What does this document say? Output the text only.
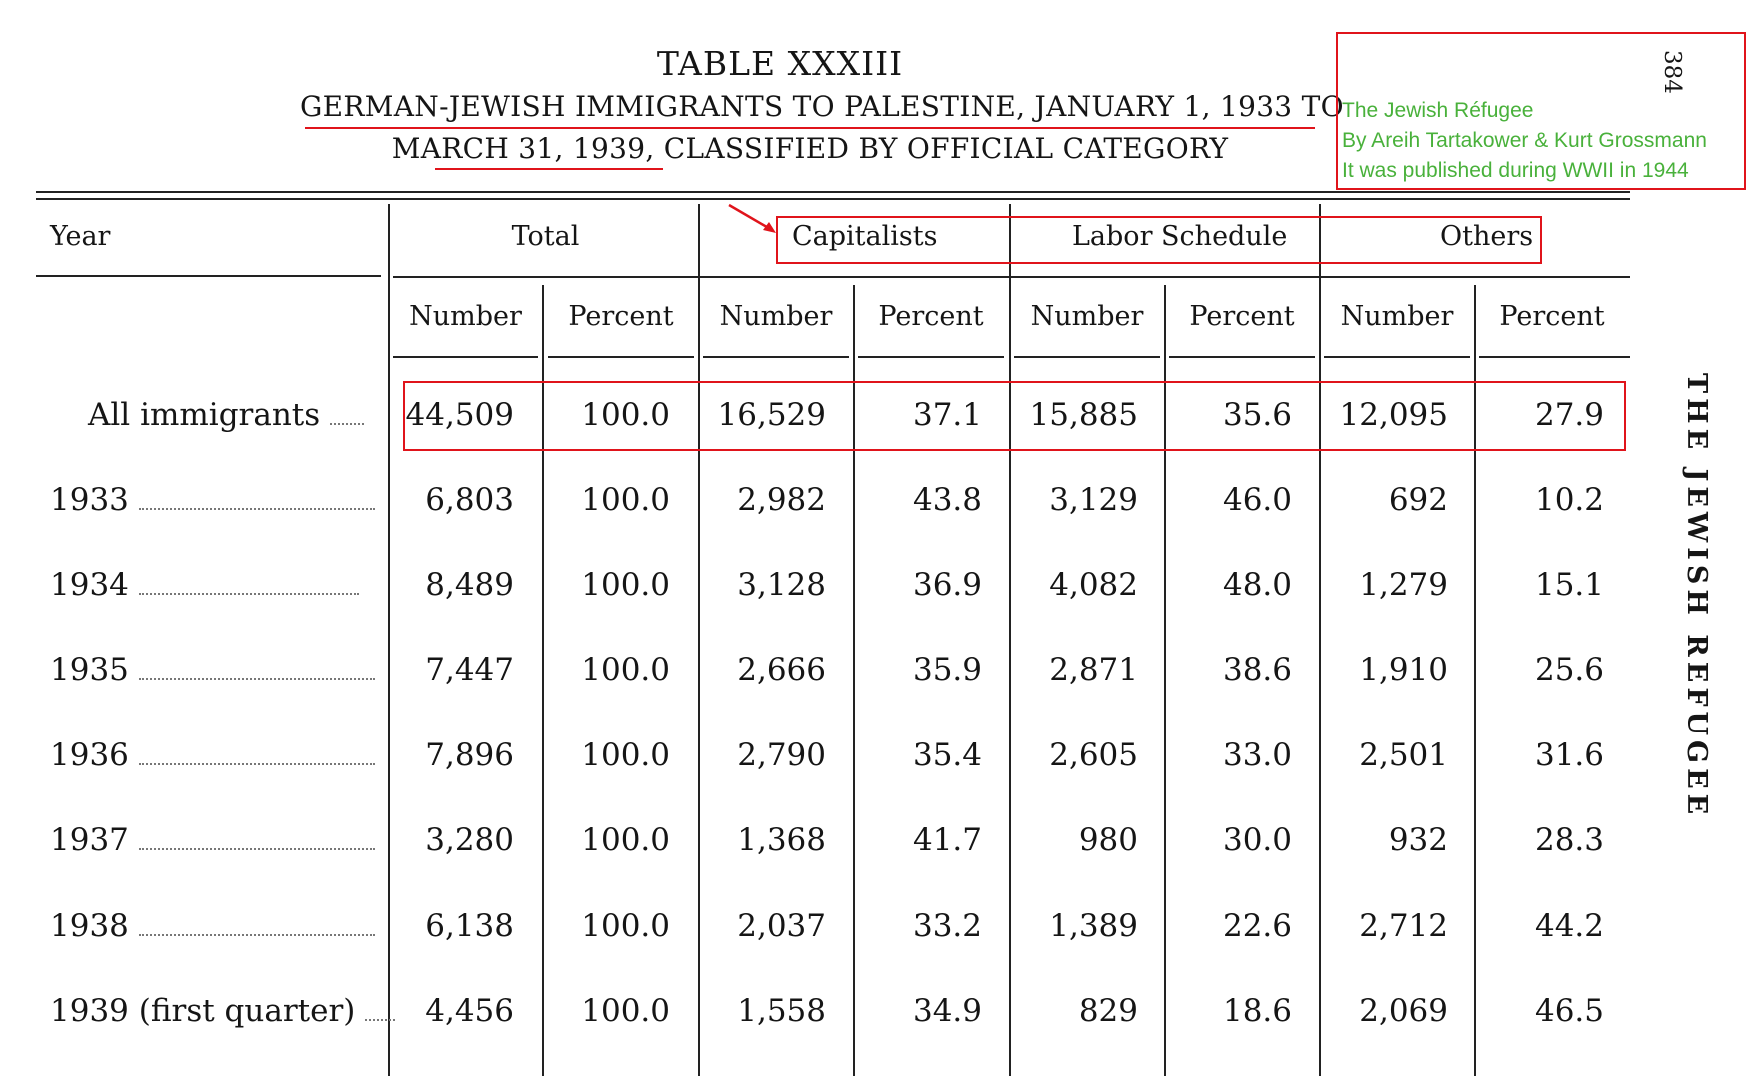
TABLE XXXIII
GERMAN-JEWISH IMMIGRANTS TO PALESTINE, JANUARY 1, 1933 TO
MARCH 31, 1939, CLASSIFIED BY OFFICIAL CATEGORY
384
THE JEWISH REFUGEE
The Jewish Réfugee
By Areih Tartakower & Kurt Grossmann
It was published during WWII in 1944
Year	Total	Capitalists	Labor Schedule	Others
Number	Percent	Number	Percent	Number	Percent	Number	Percent
All immigrants	44,509	100.0	16,529	37.1	15,885	35.6	12,095	27.9
1933	6,803	100.0	2,982	43.8	3,129	46.0	692	10.2
1934	8,489	100.0	3,128	36.9	4,082	48.0	1,279	15.1
1935	7,447	100.0	2,666	35.9	2,871	38.6	1,910	25.6
1936	7,896	100.0	2,790	35.4	2,605	33.0	2,501	31.6
1937	3,280	100.0	1,368	41.7	980	30.0	932	28.3
1938	6,138	100.0	2,037	33.2	1,389	22.6	2,712	44.2
1939 (first quarter)	4,456	100.0	1,558	34.9	829	18.6	2,069	46.5
